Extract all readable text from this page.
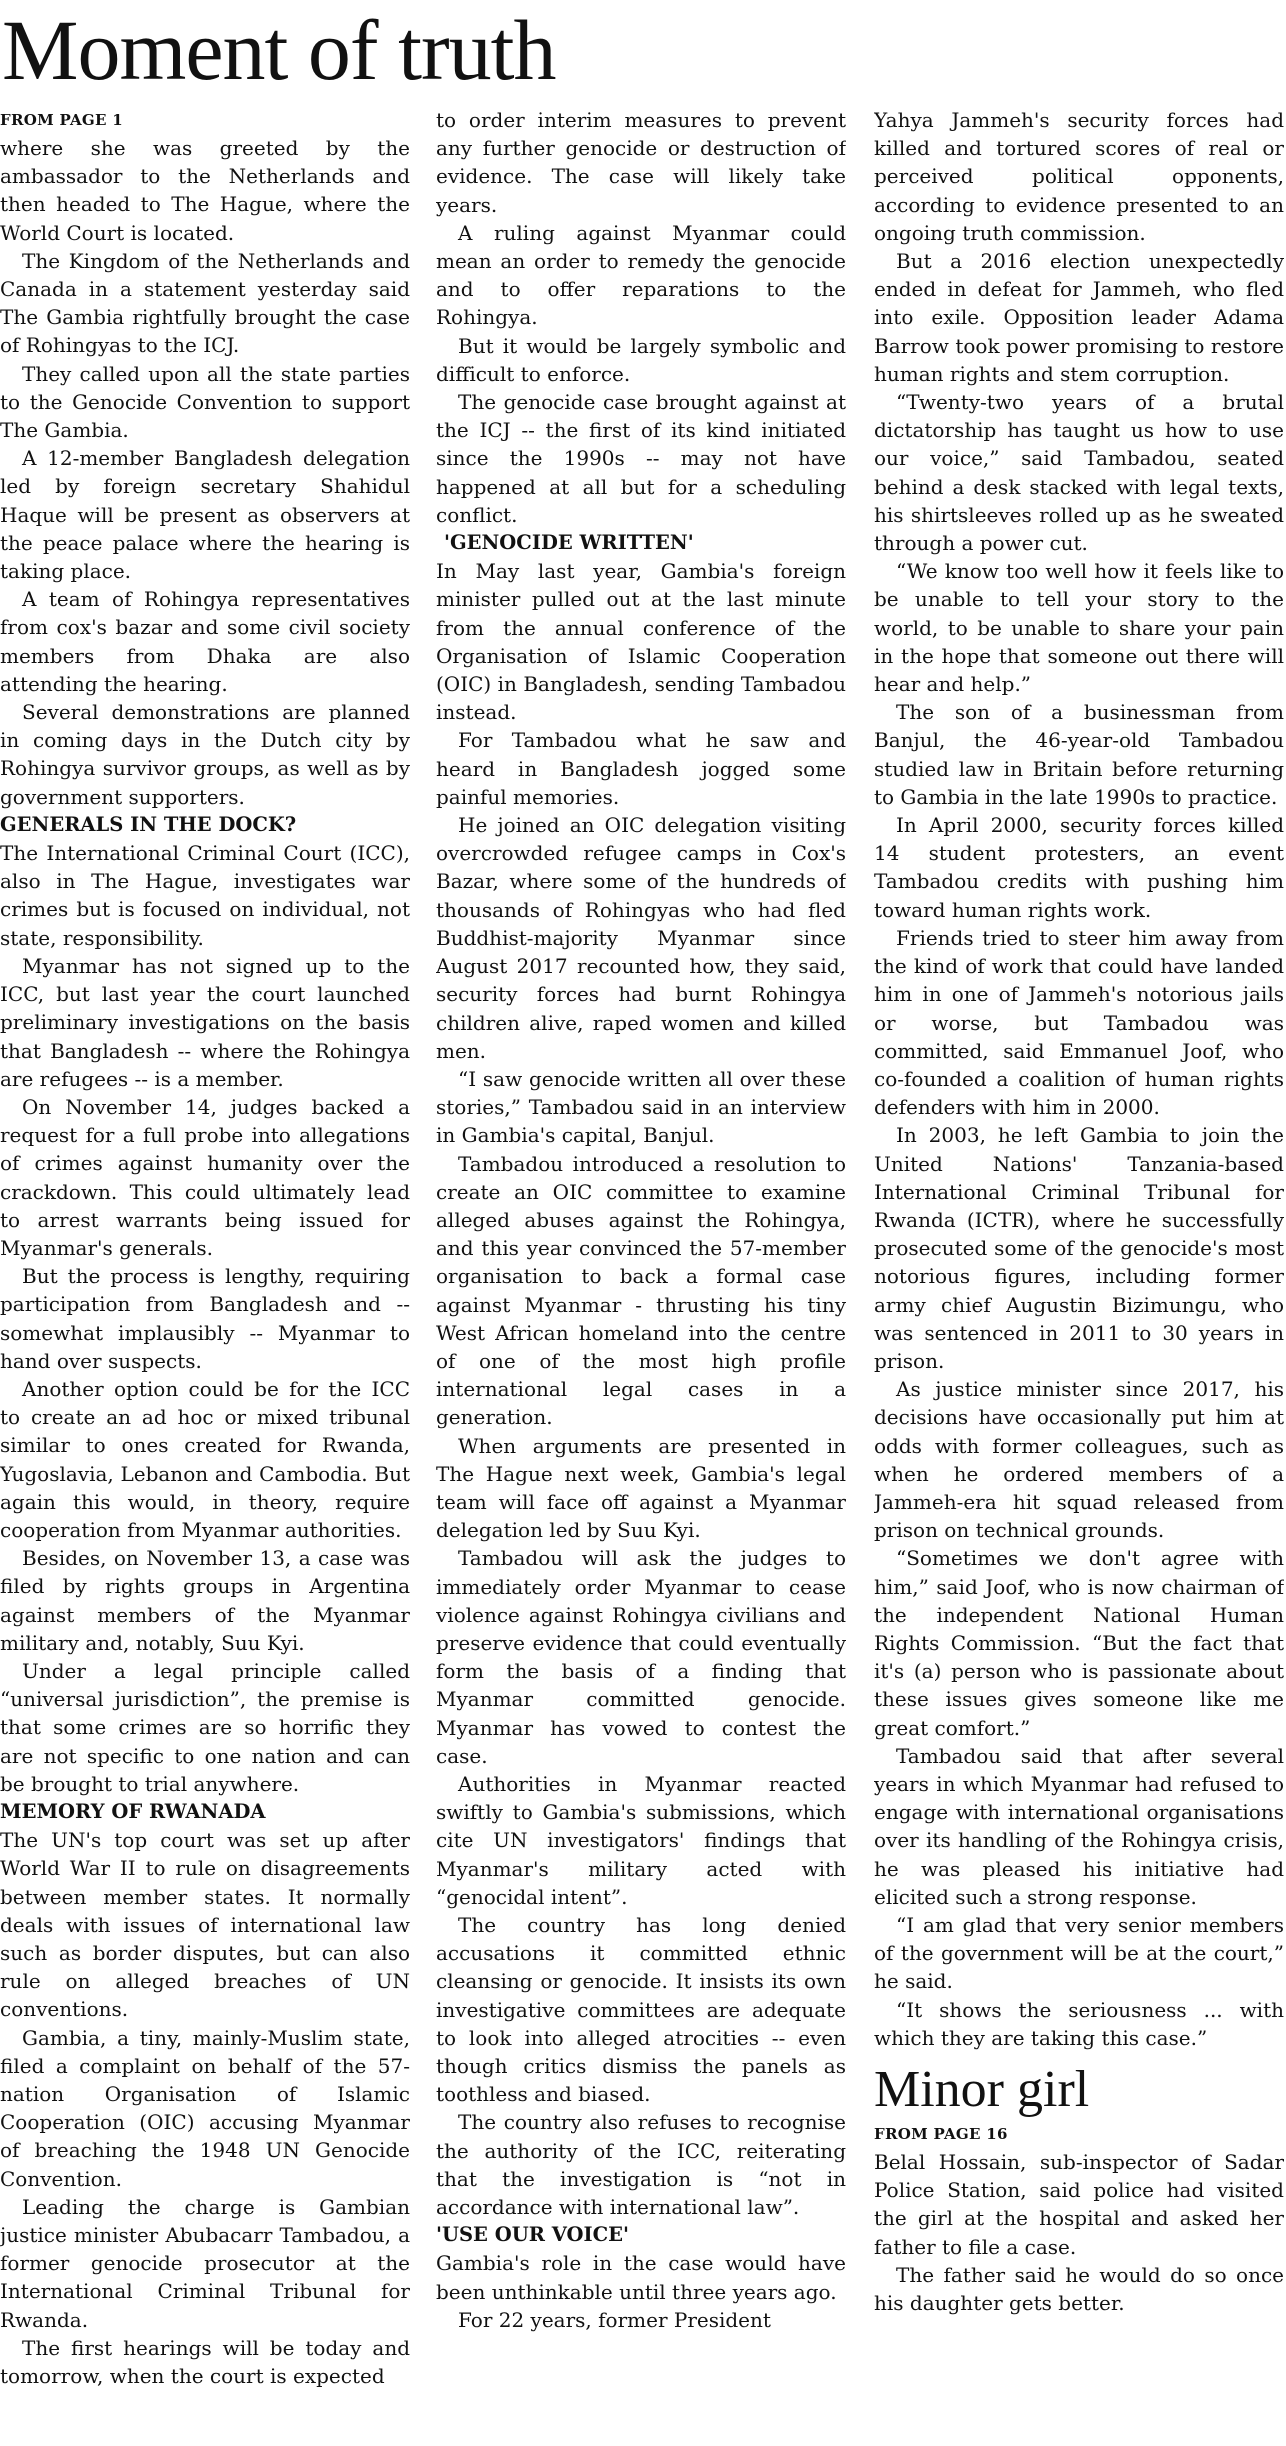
Moment of truth
FROM PAGE 1

where she was greeted by the ambassador to the Netherlands and then headed to The Hague, where the World Court is located.

The Kingdom of the Netherlands and Canada in a statement yesterday said The Gambia rightfully brought the case of Rohingyas to the ICJ.

They called upon all the state parties to the Genocide Convention to support The Gambia.

A 12-member Bangladesh delegation led by foreign secretary Shahidul Haque will be present as observers at the peace palace where the hearing is taking place.

A team of Rohingya representatives from cox's bazar and some civil society members from Dhaka are also attending the hearing.

Several demonstrations are planned in coming days in the Dutch city by Rohingya survivor groups, as well as by government supporters.

GENERALS IN THE DOCK?

The International Criminal Court (ICC), also in The Hague, investigates war crimes but is focused on individual, not state, responsibility.

Myanmar has not signed up to the ICC, but last year the court launched preliminary investigations on the basis that Bangladesh -- where the Rohingya are refugees -- is a member.

On November 14, judges backed a request for a full probe into allegations of crimes against humanity over the crackdown. This could ultimately lead to arrest warrants being issued for Myanmar's generals.

But the process is lengthy, requiring participation from Bangladesh and -- somewhat implausibly -- Myanmar to hand over suspects.

Another option could be for the ICC to create an ad hoc or mixed tribunal similar to ones created for Rwanda, Yugoslavia, Lebanon and Cambodia. But again this would, in theory, require cooperation from Myanmar authorities.

Besides, on November 13, a case was filed by rights groups in Argentina against members of the Myanmar military and, notably, Suu Kyi.

Under a legal principle called “universal jurisdiction”, the premise is that some crimes are so horrific they are not specific to one nation and can be brought to trial anywhere.

MEMORY OF RWANADA

The UN's top court was set up after World War II to rule on disagreements between member states. It normally deals with issues of international law such as border disputes, but can also rule on alleged breaches of UN conventions.

Gambia, a tiny, mainly-Muslim state, filed a complaint on behalf of the 57-nation Organisation of Islamic Cooperation (OIC) accusing Myanmar of breaching the 1948 UN Genocide Convention.

Leading the charge is Gambian justice minister Abubacarr Tambadou, a former genocide prosecutor at the International Criminal Tribunal for Rwanda.

The first hearings will be today and tomorrow, when the court is expected

to order interim measures to prevent any further genocide or destruction of evidence. The case will likely take years.

A ruling against Myanmar could mean an order to remedy the genocide and to offer reparations to the Rohingya.

But it would be largely symbolic and difficult to enforce.

The genocide case brought against at the ICJ -- the first of its kind initiated since the 1990s -- may not have happened at all but for a scheduling conflict.

'GENOCIDE WRITTEN'

In May last year, Gambia's foreign minister pulled out at the last minute from the annual conference of the Organisation of Islamic Cooperation (OIC) in Bangladesh, sending Tambadou instead.

For Tambadou what he saw and heard in Bangladesh jogged some painful memories.

He joined an OIC delegation visiting overcrowded refugee camps in Cox's Bazar, where some of the hundreds of thousands of Rohingyas who had fled Buddhist-majority Myanmar since August 2017 recounted how, they said, security forces had burnt Rohingya children alive, raped women and killed men.

“I saw genocide written all over these stories,” Tambadou said in an interview in Gambia's capital, Banjul.

Tambadou introduced a resolution to create an OIC committee to examine alleged abuses against the Rohingya, and this year convinced the 57-member organisation to back a formal case against Myanmar - thrusting his tiny West African homeland into the centre of one of the most high profile international legal cases in a generation.

When arguments are presented in The Hague next week, Gambia's legal team will face off against a Myanmar delegation led by Suu Kyi.

Tambadou will ask the judges to immediately order Myanmar to cease violence against Rohingya civilians and preserve evidence that could eventually form the basis of a finding that Myanmar committed genocide. Myanmar has vowed to contest the case.

Authorities in Myanmar reacted swiftly to Gambia's submissions, which cite UN investigators' findings that Myanmar's military acted with “genocidal intent”.

The country has long denied accusations it committed ethnic cleansing or genocide. It insists its own investigative committees are adequate to look into alleged atrocities -- even though critics dismiss the panels as toothless and biased.

The country also refuses to recognise the authority of the ICC, reiterating that the investigation is “not in accordance with international law”.

'USE OUR VOICE'

Gambia's role in the case would have been unthinkable until three years ago.

For 22 years, former President

Yahya Jammeh's security forces had killed and tortured scores of real or perceived political opponents, according to evidence presented to an ongoing truth commission.

But a 2016 election unexpectedly ended in defeat for Jammeh, who fled into exile. Opposition leader Adama Barrow took power promising to restore human rights and stem corruption.

“Twenty-two years of a brutal dictatorship has taught us how to use our voice,” said Tambadou, seated behind a desk stacked with legal texts, his shirtsleeves rolled up as he sweated through a power cut.

“We know too well how it feels like to be unable to tell your story to the world, to be unable to share your pain in the hope that someone out there will hear and help.”

The son of a businessman from Banjul, the 46-year-old Tambadou studied law in Britain before returning to Gambia in the late 1990s to practice.

In April 2000, security forces killed 14 student protesters, an event Tambadou credits with pushing him toward human rights work.

Friends tried to steer him away from the kind of work that could have landed him in one of Jammeh's notorious jails or worse, but Tambadou was committed, said Emmanuel Joof, who co-founded a coalition of human rights defenders with him in 2000.

In 2003, he left Gambia to join the United Nations' Tanzania-based International Criminal Tribunal for Rwanda (ICTR), where he successfully prosecuted some of the genocide's most notorious figures, including former army chief Augustin Bizimungu, who was sentenced in 2011 to 30 years in prison.

As justice minister since 2017, his decisions have occasionally put him at odds with former colleagues, such as when he ordered members of a Jammeh-era hit squad released from prison on technical grounds.

“Sometimes we don't agree with him,” said Joof, who is now chairman of the independent National Human Rights Commission. “But the fact that it's (a) person who is passionate about these issues gives someone like me great comfort.”

Tambadou said that after several years in which Myanmar had refused to engage with international organisations over its handling of the Rohingya crisis, he was pleased his initiative had elicited such a strong response.

“I am glad that very senior members of the government will be at the court,” he said.

“It shows the seriousness ... with which they are taking this case.”

Minor girl
FROM PAGE 16

Belal Hossain, sub-inspector of Sadar Police Station, said police had visited the girl at the hospital and asked her father to file a case.

The father said he would do so once his daughter gets better.
